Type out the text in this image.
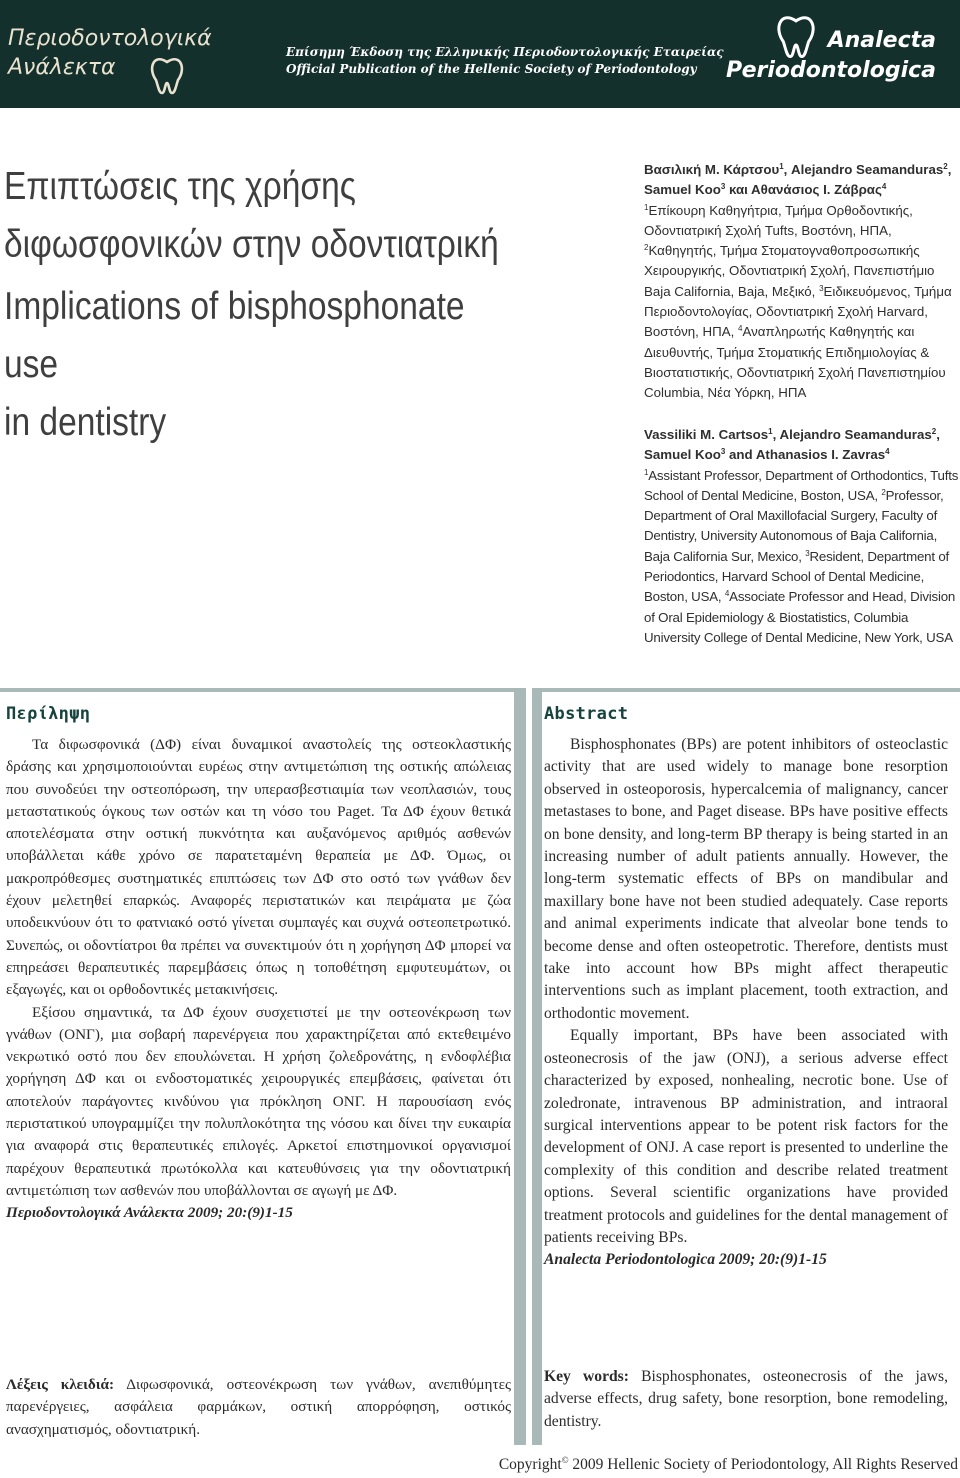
Περιοδοντολογικά
Ανάλεκτα
Επίσημη Έκδοση της Ελληνικής Περιοδοντολογικής Εταιρείας
Official Publication of the Hellenic Society of Periodontology
Analecta
Periodontologica
Επιπτώσεις της χρήσης
διφωσφονικών στην οδοντιατρική
Implications of bisphosphonate use
in dentistry
Βασιλική Μ. Κάρτσου$^1$, Alejandro Seamanduras$^2$, Samuel Koo$^3$ και Αθανάσιος Ι. Ζάβρας$^4$
$^1$Επίκουρη Καθηγήτρια, Τμήμα Ορθοδοντικής, Οδοντιατρική Σχολή Tufts, Βοστόνη, ΗΠΑ, $^2$Καθηγητής, Τμήμα Στοματογναθοπροσωπικής Χειρουργικής, Οδοντιατρική Σχολή, Πανεπιστήμιο Baja California, Baja, Μεξικό, $^3$Ειδικευόμενος, Τμήμα Περιοδοντολογίας, Οδοντιατρική Σχολή Harvard, Βοστόνη, ΗΠΑ, $^4$Αναπληρωτής Καθηγητής και Διευθυντής, Τμήμα Στοματικής Επιδημιολογίας & Βιοστατιστικής, Οδοντιατρική Σχολή Πανεπιστημίου Columbia, Νέα Υόρκη, ΗΠΑ
Vassiliki M. Cartsos$^1$, Alejandro Seamanduras$^2$, Samuel Koo$^3$ and Athanasios I. Zavras$^4$
$^1$Assistant Professor, Department of Orthodontics, Tufts School of Dental Medicine, Boston, USA, $^2$Professor, Department of Oral Maxillofacial Surgery, Faculty of Dentistry, University Autonomous of Baja California, Baja California Sur, Mexico, $^3$Resident, Department of Periodontics, Harvard School of Dental Medicine, Boston, USA, $^4$Associate Professor and Head, Division of Oral Epidemiology & Biostatistics, Columbia University College of Dental Medicine, New York, USA
Περίληψη

Τα διφωσφονικά (ΔΦ) είναι δυναμικοί αναστολείς της οστεοκλαστικής δράσης και χρησιμοποιούνται ευρέως στην αντιμετώπιση της οστικής απώλειας που συνοδεύει την οστεοπόρωση, την υπερασβεστιαιμία των νεοπλασιών, τους μεταστατικούς όγκους των οστών και τη νόσο του Paget. Τα ΔΦ έχουν θετικά αποτελέσματα στην οστική πυκνότητα και αυξανόμενος αριθμός ασθενών υποβάλλεται κάθε χρόνο σε παρατεταμένη θεραπεία με ΔΦ. Όμως, οι μακροπρόθεσμες συστηματικές επιπτώσεις των ΔΦ στο οστό των γνάθων δεν έχουν μελετηθεί επαρκώς. Αναφορές περιστατικών και πειράματα με ζώα υποδεικνύουν ότι το φατνιακό οστό γίνεται συμπαγές και συχνά οστεοπετρωτικό. Συνεπώς, οι οδοντίατροι θα πρέπει να συνεκτιμούν ότι η χορήγηση ΔΦ μπορεί να επηρεάσει θεραπευτικές παρεμβάσεις όπως η τοποθέτηση εμφυτευμάτων, οι εξαγωγές, και οι ορθοδοντικές μετακινήσεις.

Εξίσου σημαντικά, τα ΔΦ έχουν συσχετιστεί με την οστεονέκρωση των γνάθων (ΟΝΓ), μια σοβαρή παρενέργεια που χαρακτηρίζεται από εκτεθειμένο νεκρωτικό οστό που δεν επουλώνεται. Η χρήση ζολεδρονάτης, η ενδοφλέβια χορήγηση ΔΦ και οι ενδοστοματικές χειρουργικές επεμβάσεις, φαίνεται ότι αποτελούν παράγοντες κινδύνου για πρόκληση ΟΝΓ. Η παρουσίαση ενός περιστατικού υπογραμμίζει την πολυπλοκότητα της νόσου και δίνει την ευκαιρία για αναφορά στις θεραπευτικές επιλογές. Αρκετοί επιστημονικοί οργανισμοί παρέχουν θεραπευτικά πρωτόκολλα και κατευθύνσεις για την οδοντιατρική αντιμετώπιση των ασθενών που υποβάλλονται σε αγωγή με ΔΦ.

Περιοδοντολογικά Ανάλεκτα 2009; 20:(9)1-15

Λέξεις κλειδιά: Διφωσφονικά, οστεονέκρωση των γνάθων, ανεπιθύμητες παρενέργειες, ασφάλεια φαρμάκων, οστική απορρόφηση, οστικός ανασχηματισμός, οδοντιατρική.
Abstract

Bisphosphonates (BPs) are potent inhibitors of osteoclastic activity that are used widely to manage bone resorption observed in osteoporosis, hypercalcemia of malignancy, cancer metastases to bone, and Paget disease. BPs have positive effects on bone density, and long-term BP therapy is being started in an increasing number of adult patients annually. However, the long-term systematic effects of BPs on mandibular and maxillary bone have not been studied adequately. Case reports and animal experiments indicate that alveolar bone tends to become dense and often osteopetrotic. Therefore, dentists must take into account how BPs might affect therapeutic interventions such as implant placement, tooth extraction, and orthodontic movement.

Equally important, BPs have been associated with osteonecrosis of the jaw (ONJ), a serious adverse effect characterized by exposed, nonhealing, necrotic bone. Use of zoledronate, intravenous BP administration, and intraoral surgical interventions appear to be potent risk factors for the development of ONJ. A case report is presented to underline the complexity of this condition and describe related treatment options. Several scientific organizations have provided treatment protocols and guidelines for the dental management of patients receiving BPs.

Analecta Periodontologica 2009; 20:(9)1-15

Key words: Bisphosphonates, osteonecrosis of the jaws, adverse effects, drug safety, bone resorption, bone remodeling, dentistry.
Copyright© 2009 Hellenic Society of Periodontology, All Rights Reserved
